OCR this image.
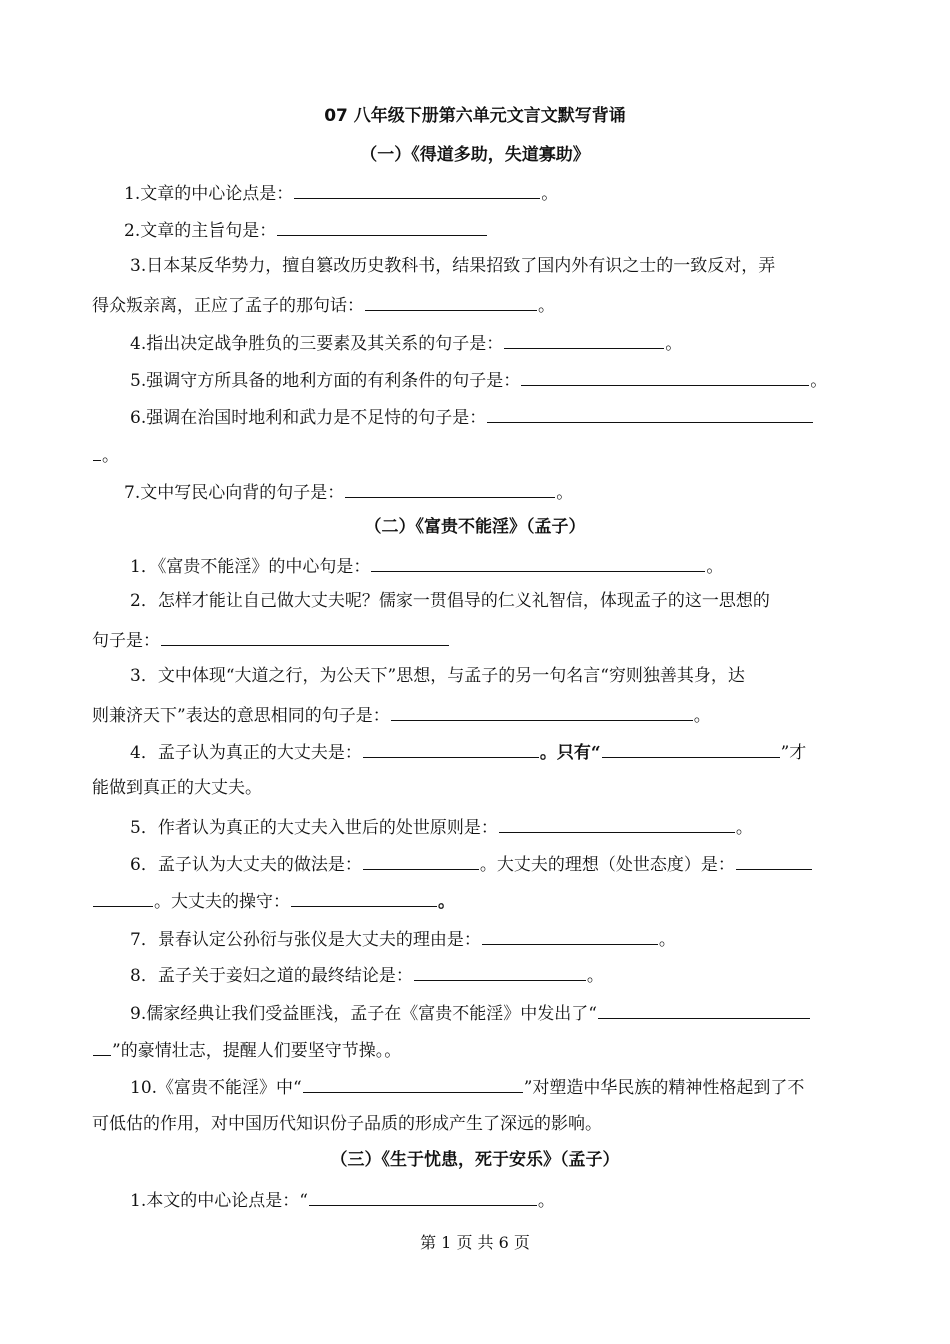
07 八年级下册第六单元文言文默写背诵
（一）《得道多助，失道寡助》
1.文章的中心论点是：	。
2.文章的主旨句是：
3.日本某反华势力，擅自篡改历史教科书，结果招致了国内外有识之士的一致反对，弄
得众叛亲离，正应了孟子的那句话：	。
4.指出决定战争胜负的三要素及其关系的句子是：	。
5.强调守方所具备的地利方面的有利条件的句子是：	。
6.强调在治国时地利和武力是不足恃的句子是：
。
7.文中写民心向背的句子是：	。
（二）《富贵不能淫》（孟子）
1．《富贵不能淫》的中心句是：	。
2．怎样才能让自己做大丈夫呢？儒家一贯倡导的仁义礼智信，体现孟子的这一思想的
句子是：
3．文中体现“大道之行，为公天下”思想，与孟子的另一句名言“穷则独善其身，达
则兼济天下”表达的意思相同的句子是：	。
4．孟子认为真正的大丈夫是：	。只有“	”才
能做到真正的大丈夫。
5．作者认为真正的大丈夫入世后的处世原则是：	。
6．孟子认为大丈夫的做法是：	。大丈夫的理想（处世态度）是：
。大丈夫的操守：	。
7．景春认定公孙衍与张仪是大丈夫的理由是：	。
8．孟子关于妾妇之道的最终结论是：	。
9.儒家经典让我们受益匪浅，孟子在《富贵不能淫》中发出了“
”的豪情壮志，提醒人们要坚守节操。。
10.《富贵不能淫》中“	”对塑造中华民族的精神性格起到了不
可低估的作用，对中国历代知识份子品质的形成产生了深远的影响。
（三）《生于忧患，死于安乐》（孟子）
1.本文的中心论点是：“	。
第 1 页 共 6 页
